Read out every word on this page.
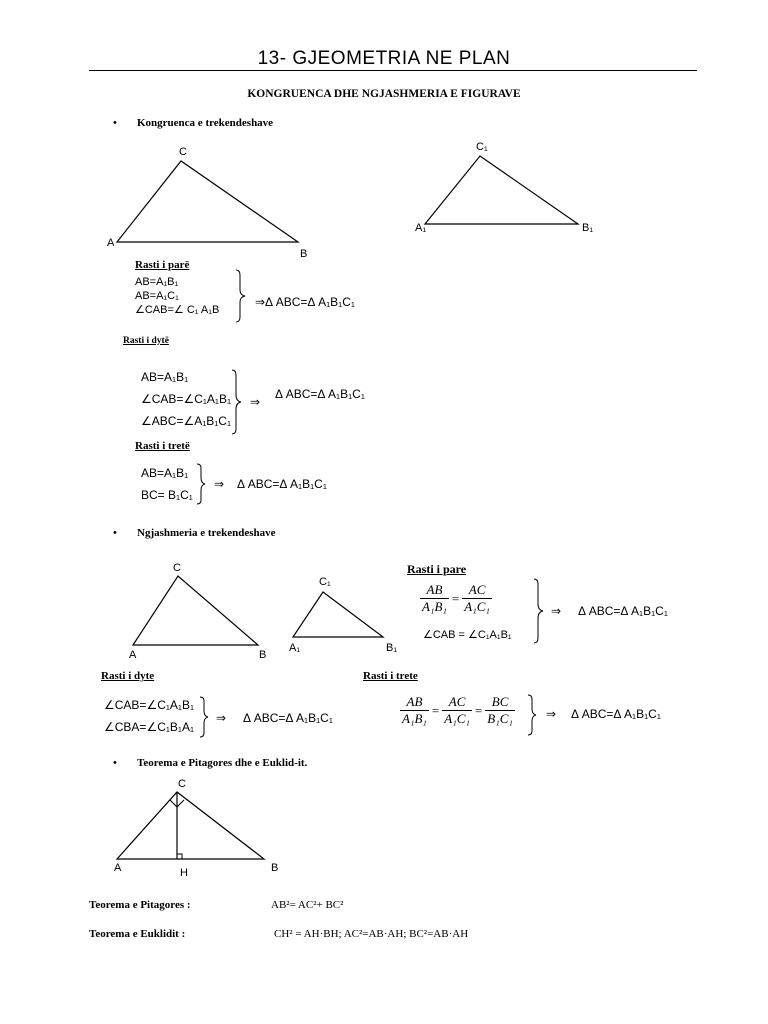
13- GJEOMETRIA NE PLAN
KONGRUENCA DHE NGJASHMERIA E FIGURAVE
• Kongruenca e trekendeshave
C
A
B
C₁
A₁	B₁
Rasti i parë
AB=A₁B₁
AB=A₁C₁
∠CAB=∠ C₁ A₁B
⇒Δ ABC=Δ A₁B₁C₁
Rasti i dytë
AB=A₁B₁
∠CAB=∠C₁A₁B₁
∠ABC=∠A₁B₁C₁
⇒
Δ ABC=Δ A₁B₁C₁
Rasti i tretë
AB=A₁B₁
BC= B₁C₁
⇒ Δ ABC=Δ A₁B₁C₁
• Ngjashmeria e trekendeshave
C
A	B
C₁
A₁	B₁
Rasti i pare
$\frac{AB}{\text{A₁B₁}} = \frac{AC}{\text{A₁C₁}}$
∠CAB = ∠C₁A₁B₁
⇒ Δ ABC=Δ A₁B₁C₁
Rasti i dyte
∠CAB=∠C₁A₁B₁
∠CBA=∠C₁B₁A₁
⇒ Δ ABC=Δ A₁B₁C₁
Rasti i trete
$\frac{AB}{\text{A₁B₁}} = \frac{AC}{\text{A₁C₁}} = \frac{BC}{\text{B₁C₁}}$	⇒ Δ ABC=Δ A₁B₁C₁
• Teorema e Pitagores dhe e Euklid-it.
C
A	B
H
Teorema e Pitagores :	AB²= AC²+ BC²
Teorema e Euklidit :	CH² = AH·BH; AC²=AB·AH; BC²=AB·AH
